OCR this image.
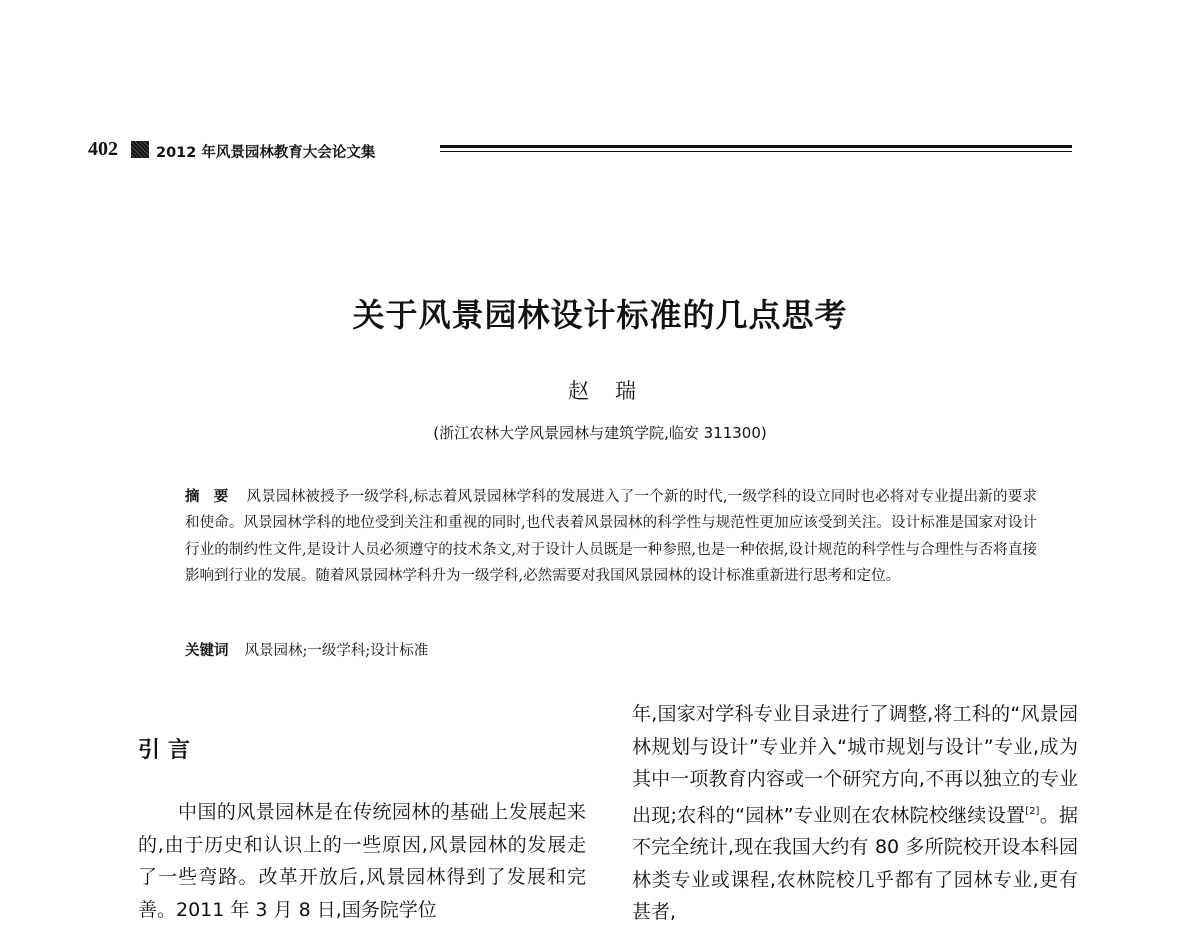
402	2012 年风景园林教育大会论文集
关于风景园林设计标准的几点思考
赵瑞
(浙江农林大学风景园林与建筑学院,临安 311300)
摘要 风景园林被授予一级学科,标志着风景园林学科的发展进入了一个新的时代,一级学科的设立同时也必将对专业提出新的要求和使命。风景园林学科的地位受到关注和重视的同时,也代表着风景园林的科学性与规范性更加应该受到关注。设计标准是国家对设计行业的制约性文件,是设计人员必须遵守的技术条文,对于设计人员既是一种参照,也是一种依据,设计规范的科学性与合理性与否将直接影响到行业的发展。随着风景园林学科升为一级学科,必然需要对我国风景园林的设计标准重新进行思考和定位。
关键词 风景园林;一级学科;设计标准
引言
中国的风景园林是在传统园林的基础上发展起来的,由于历史和认识上的一些原因,风景园林的发展走了一些弯路。改革开放后,风景园林得到了发展和完善。2011 年 3 月 8 日,国务院学位
年,国家对学科专业目录进行了调整,将工科的“风景园林规划与设计”专业并入“城市规划与设计”专业,成为其中一项教育内容或一个研究方向,不再以独立的专业出现;农科的“园林”专业则在农林院校继续设置[2]。据不完全统计,现在我国大约有 80 多所院校开设本科园林类专业或课程,农林院校几乎都有了园林专业,更有甚者,
